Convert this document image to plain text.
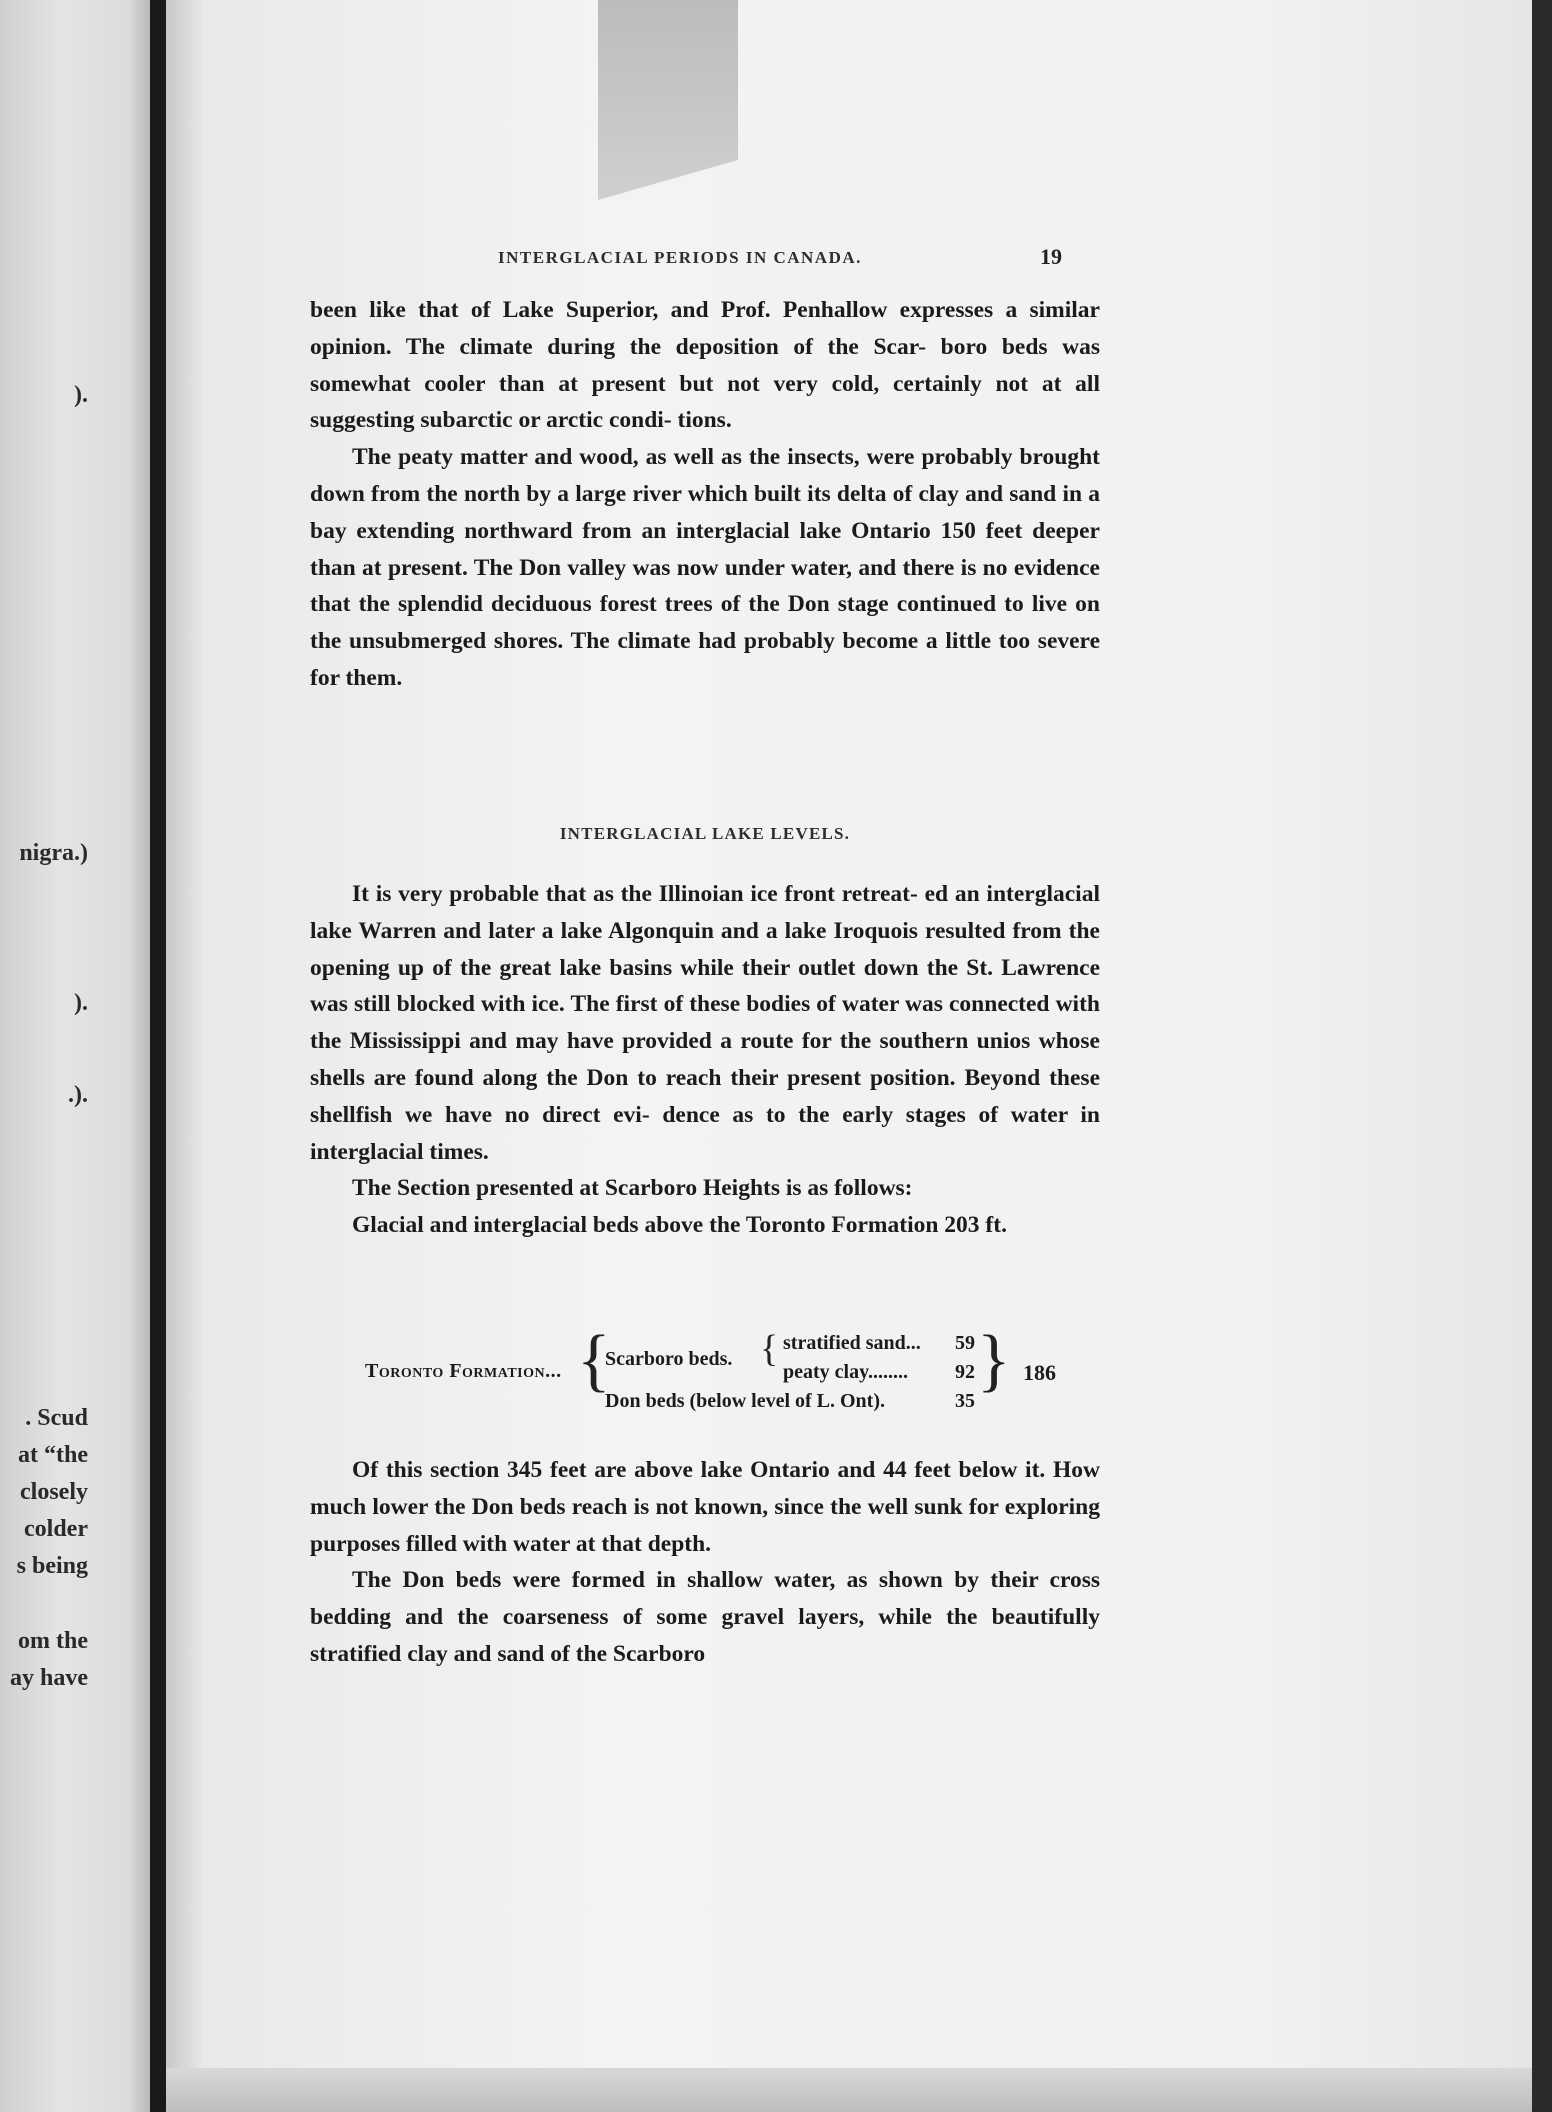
).
nigra.)
).
.).
. Scud
at “the
closely
colder
s being
om the
ay have
INTERGLACIAL PERIODS IN CANADA.	19

been like that of Lake Superior, and Prof. Penhallow expresses a similar opinion. The climate during the deposition of the Scar- boro beds was somewhat cooler than at present but not very cold, certainly not at all suggesting subarctic or arctic condi- tions.

The peaty matter and wood, as well as the insects, were probably brought down from the north by a large river which built its delta of clay and sand in a bay extending northward from an interglacial lake Ontario 150 feet deeper than at present. The Don valley was now under water, and there is no evidence that the splendid deciduous forest trees of the Don stage continued to live on the unsubmerged shores. The climate had probably become a little too severe for them.

INTERGLACIAL LAKE LEVELS.

It is very probable that as the Illinoian ice front retreat- ed an interglacial lake Warren and later a lake Algonquin and a lake Iroquois resulted from the opening up of the great lake basins while their outlet down the St. Lawrence was still blocked with ice. The first of these bodies of water was connected with the Mississippi and may have provided a route for the southern unios whose shells are found along the Don to reach their present position. Beyond these shellfish we have no direct evi- dence as to the early stages of water in interglacial times.

The Section presented at Scarboro Heights is as follows:

Glacial and interglacial beds above the Toronto Formation 203 ft.

Toronto Formation... {
Scarboro beds. { stratified sand... 59
peaty clay........ 92
Don beds (below level of L. Ont).	35
} 186

Of this section 345 feet are above lake Ontario and 44 feet below it. How much lower the Don beds reach is not known, since the well sunk for exploring purposes filled with water at that depth.

The Don beds were formed in shallow water, as shown by their cross bedding and the coarseness of some gravel layers, while the beautifully stratified clay and sand of the Scarboro
